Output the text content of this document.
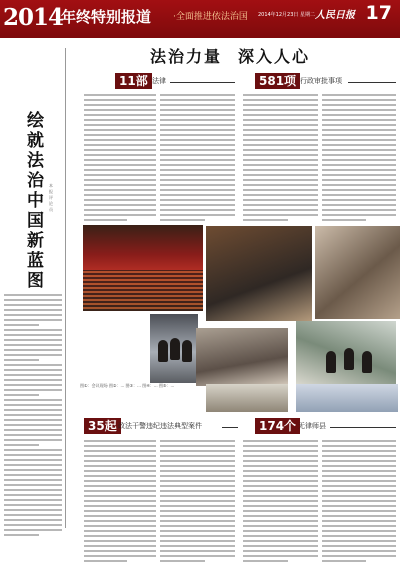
2014
年终特别报道 ·全面推进依法治国 2014年12月23日 星期二 人民日报 17
法治力量 深入人心
绘就法治中国新蓝图
本报评论员
11部 法律	581项 行政审批事项
图①：会议现场 图②：... 图③：... 图④：... 图⑤：...
35起 政法干警违纪违法典型案件	174个 无律师县
